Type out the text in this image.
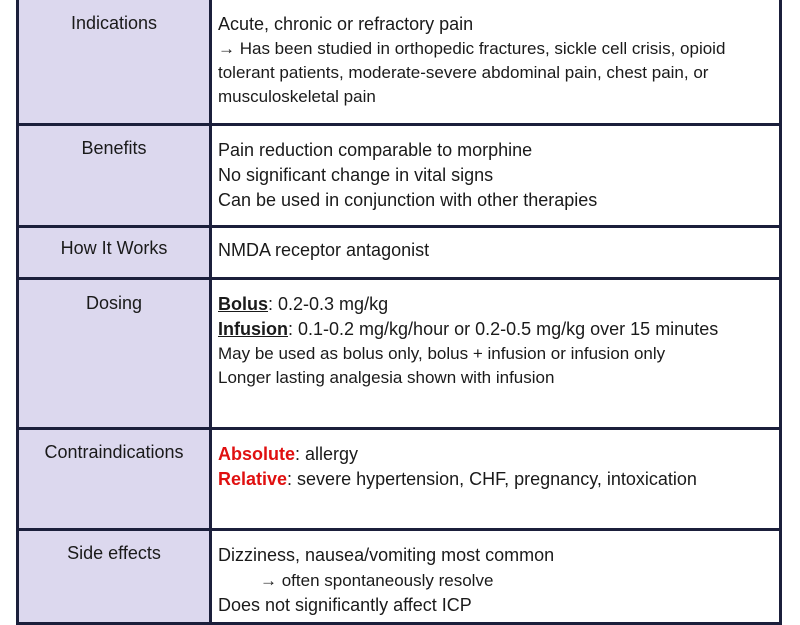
Indications	Acute, chronic or refractory pain
→ Has been studied in orthopedic fractures, sickle cell crisis, opioid tolerant patients, moderate-severe abdominal pain, chest pain, or musculoskeletal pain

Benefits	Pain reduction comparable to morphine
No significant change in vital signs
Can be used in conjunction with other therapies

How It Works	NMDA receptor antagonist

Dosing	Bolus: 0.2-0.3 mg/kg
Infusion: 0.1-0.2 mg/kg/hour or 0.2-0.5 mg/kg over 15 minutes
May be used as bolus only, bolus + infusion or infusion only
Longer lasting analgesia shown with infusion

Contraindications	Absolute: allergy
Relative: severe hypertension, CHF, pregnancy, intoxication

Side effects	Dizziness, nausea/vomiting most common
→ often spontaneously resolve
Does not significantly affect ICP
